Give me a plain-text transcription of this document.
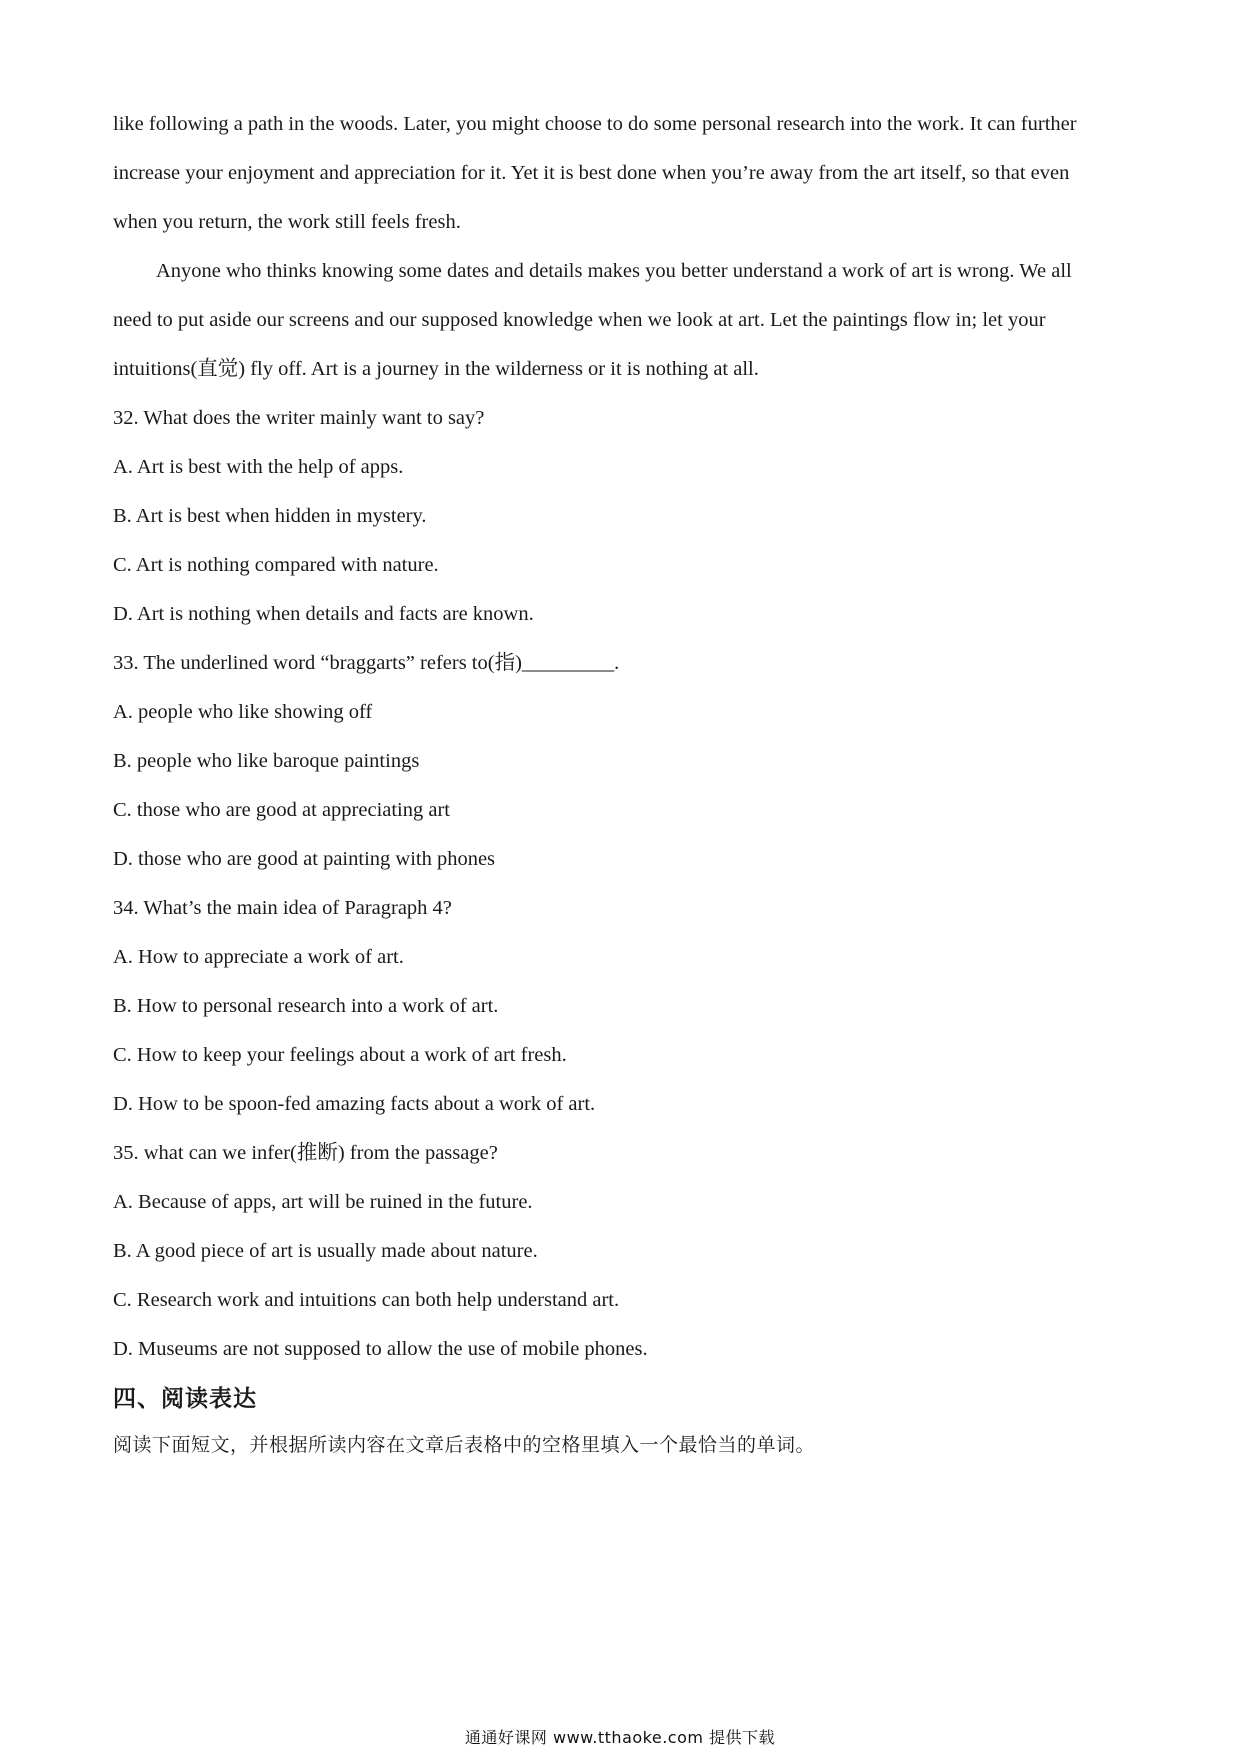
like following a path in the woods. Later, you might choose to do some personal research into the work. It can further
increase your enjoyment and appreciation for it. Yet it is best done when you’re away from the art itself, so that even
when you return, the work still feels fresh.
Anyone who thinks knowing some dates and details makes you better understand a work of art is wrong. We all
need to put aside our screens and our supposed knowledge when we look at art. Let the paintings flow in; let your
intuitions(直觉) fly off. Art is a journey in the wilderness or it is nothing at all.
32. What does the writer mainly want to say?
A. Art is best with the help of apps.
B. Art is best when hidden in mystery.
C. Art is nothing compared with nature.
D. Art is nothing when details and facts are known.
33. The underlined word “braggarts” refers to(指)_________.
A. people who like showing off
B. people who like baroque paintings
C. those who are good at appreciating art
D. those who are good at painting with phones
34. What’s the main idea of Paragraph 4?
A. How to appreciate a work of art.
B. How to personal research into a work of art.
C. How to keep your feelings about a work of art fresh.
D. How to be spoon-fed amazing facts about a work of art.
35. what can we infer(推断) from the passage?
A. Because of apps, art will be ruined in the future.
B. A good piece of art is usually made about nature.
C. Research work and intuitions can both help understand art.
D. Museums are not supposed to allow the use of mobile phones.
四、阅读表达
阅读下面短文，并根据所读内容在文章后表格中的空格里填入一个最恰当的单词。
通通好课网 www.tthaoke.com 提供下载
